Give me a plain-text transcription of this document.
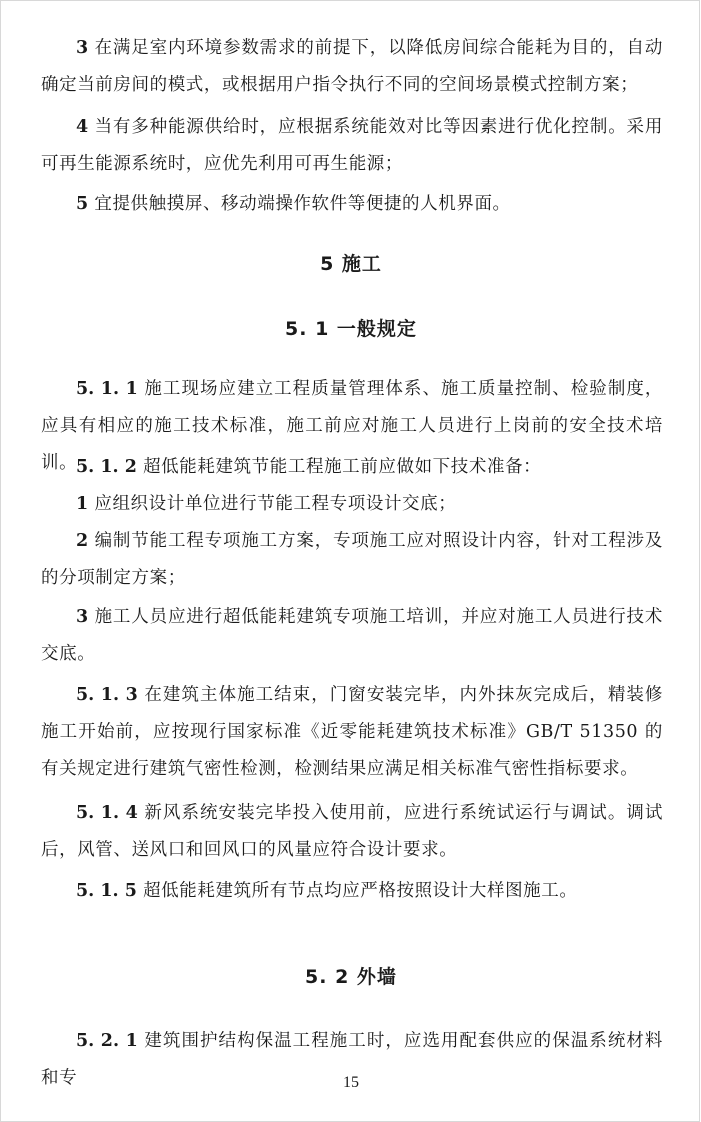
3 在满足室内环境参数需求的前提下，以降低房间综合能耗为目的，自动确定当前房间的模式，或根据用户指令执行不同的空间场景模式控制方案；

4 当有多种能源供给时，应根据系统能效对比等因素进行优化控制。采用可再生能源系统时，应优先利用可再生能源；

5 宜提供触摸屏、移动端操作软件等便捷的人机界面。

5 施工
5. 1 一般规定

5. 1. 1 施工现场应建立工程质量管理体系、施工质量控制、检验制度，应具有相应的施工技术标准，施工前应对施工人员进行上岗前的安全技术培训。

5. 1. 2 超低能耗建筑节能工程施工前应做如下技术准备：

1 应组织设计单位进行节能工程专项设计交底；

2 编制节能工程专项施工方案，专项施工应对照设计内容，针对工程涉及的分项制定方案；

3 施工人员应进行超低能耗建筑专项施工培训，并应对施工人员进行技术交底。

5. 1. 3 在建筑主体施工结束，门窗安装完毕，内外抹灰完成后，精装修施工开始前，应按现行国家标准《近零能耗建筑技术标准》GB/T 51350 的有关规定进行建筑气密性检测，检测结果应满足相关标准气密性指标要求。

5. 1. 4 新风系统安装完毕投入使用前，应进行系统试运行与调试。调试后，风管、送风口和回风口的风量应符合设计要求。

5. 1. 5 超低能耗建筑所有节点均应严格按照设计大样图施工。

5. 2 外墙

5. 2. 1 建筑围护结构保温工程施工时，应选用配套供应的保温系统材料和专	15
